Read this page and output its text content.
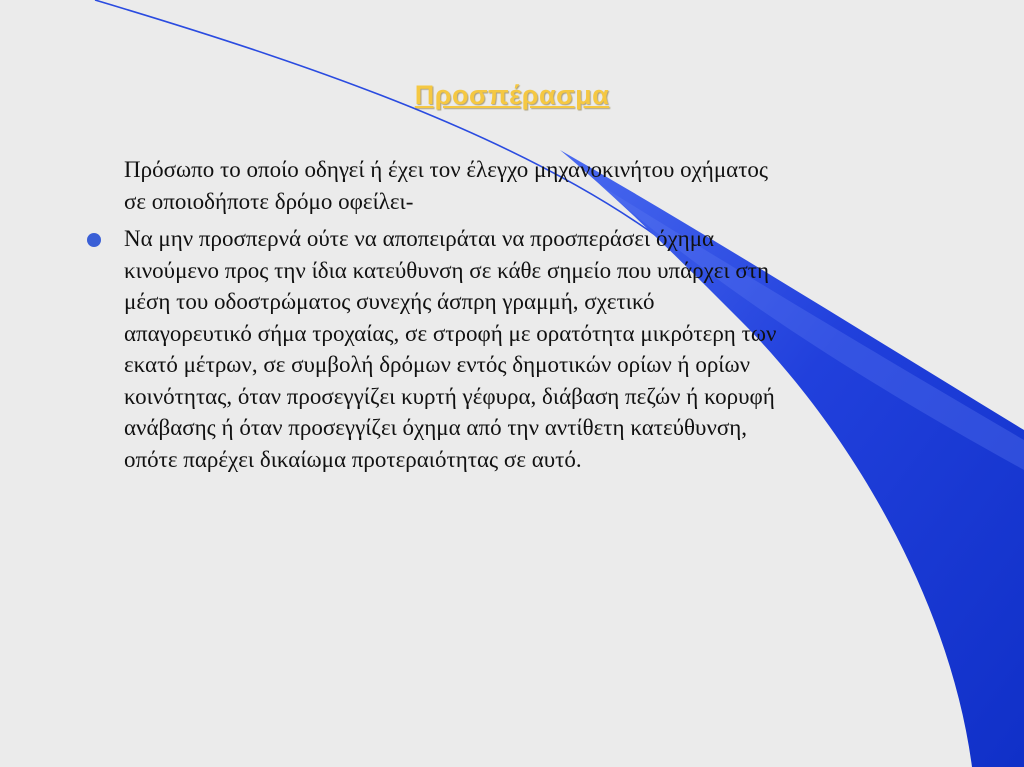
Προσπέρασμα
Πρόσωπο το οποίο οδηγεί ή έχει τον έλεγχο μηχανοκινήτου οχήματος
σε οποιοδήποτε δρόμο οφείλει-
Να μην προσπερνά ούτε να αποπειράται να προσπεράσει όχημα
κινούμενο προς την ίδια κατεύθυνση σε κάθε σημείο που υπάρχει στη
μέση του οδοστρώματος συνεχής άσπρη γραμμή, σχετικό
απαγορευτικό σήμα τροχαίας, σε στροφή με ορατότητα μικρότερη των
εκατό μέτρων, σε συμβολή δρόμων εντός δημοτικών ορίων ή ορίων
κοινότητας, όταν προσεγγίζει κυρτή γέφυρα, διάβαση πεζών ή κορυφή
ανάβασης ή όταν προσεγγίζει όχημα από την αντίθετη κατεύθυνση,
οπότε παρέχει δικαίωμα προτεραιότητας σε αυτό.
